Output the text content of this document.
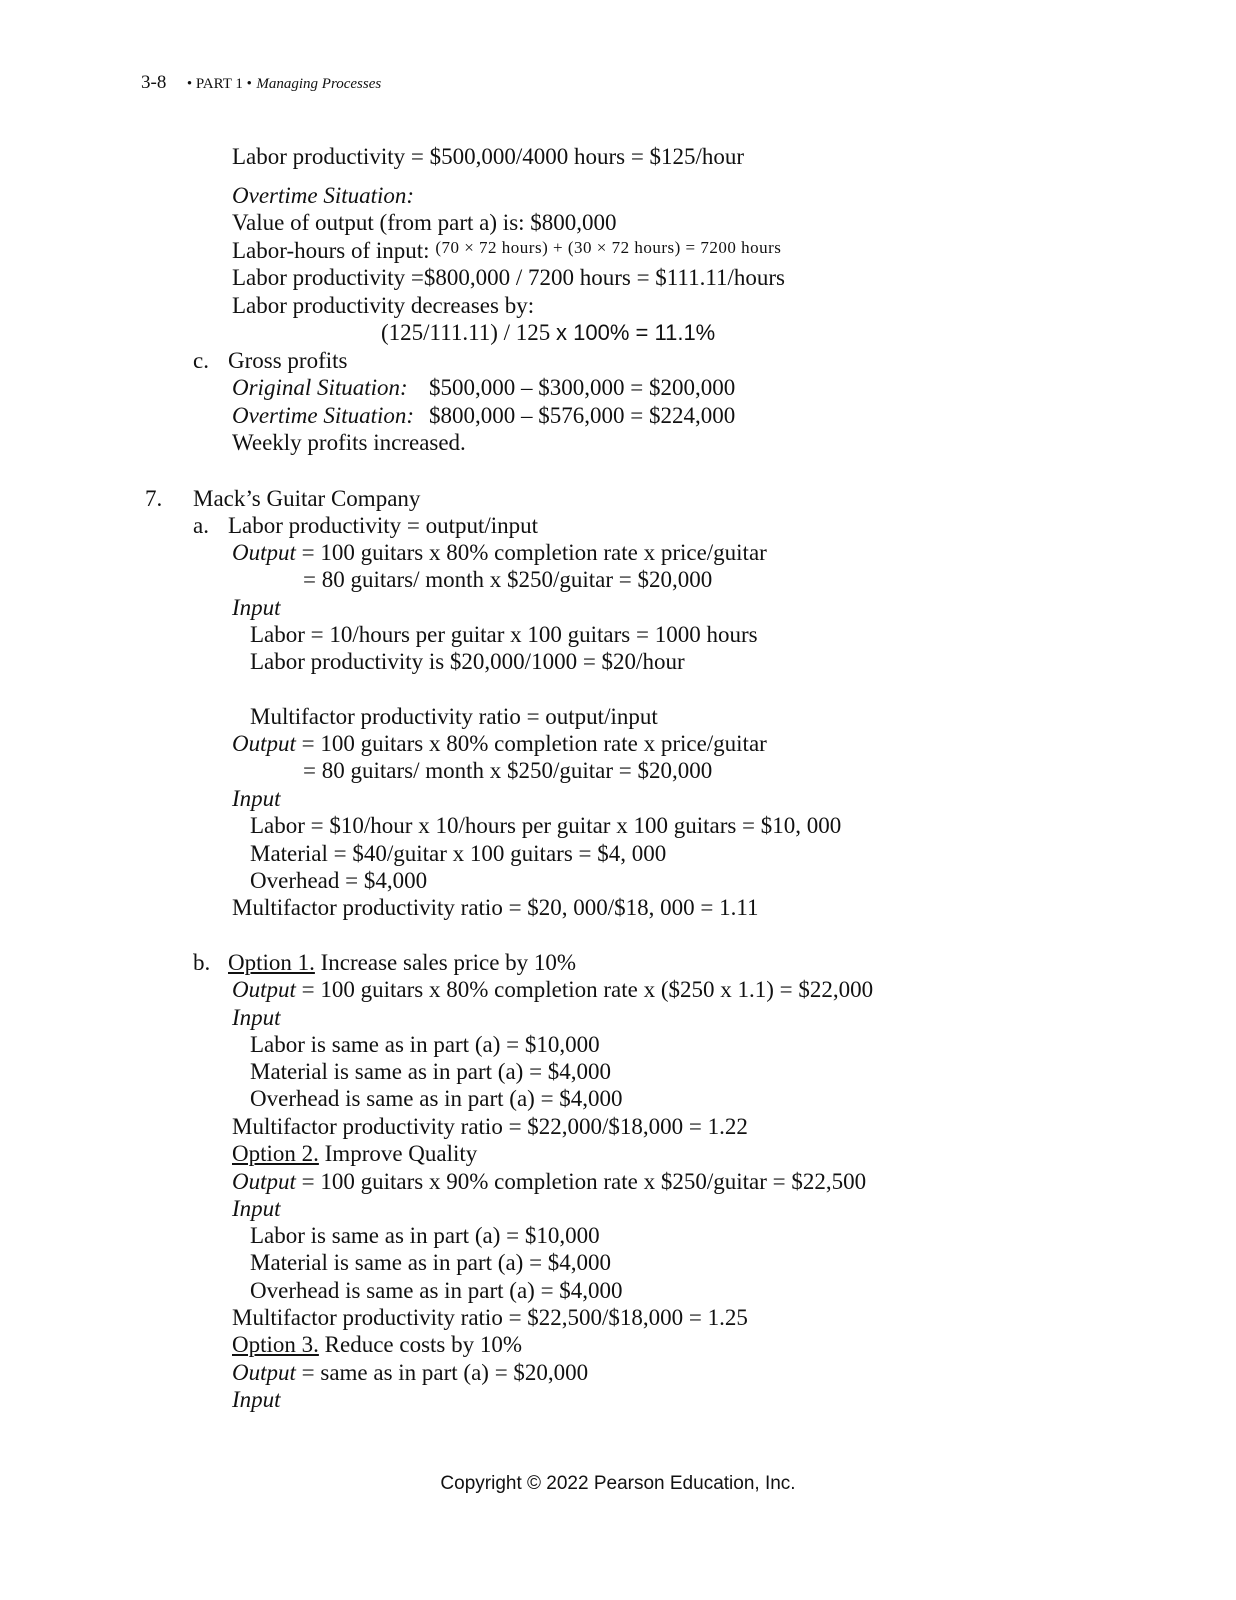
3-8 • PART 1 • Managing Processes
Labor productivity = $500,000/4000 hours = $125/hour
Overtime Situation:
Value of output (from part a) is: $800,000
Labor-hours of input: $^{(70 \times 72 hours) + (30 \times 72 hours) = 7200 hours}$
Labor productivity =$800,000 / 7200 hours = $111.11/hours
Labor productivity decreases by:
(125/111.11) / 125 x 100% = 11.1%
c. Gross profits
Original Situation: $500,000 – $300,000 = $200,000
Overtime Situation: $800,000 – $576,000 = $224,000
Weekly profits increased.
7. Mack’s Guitar Company
a. Labor productivity = output/input
Output = 100 guitars x 80% completion rate x price/guitar
= 80 guitars/ month x $250/guitar = $20,000
Input
Labor = 10/hours per guitar x 100 guitars = 1000 hours
Labor productivity is $20,000/1000 = $20/hour
Multifactor productivity ratio = output/input
Output = 100 guitars x 80% completion rate x price/guitar
= 80 guitars/ month x $250/guitar = $20,000
Input
Labor = $10/hour x 10/hours per guitar x 100 guitars = $10, 000
Material = $40/guitar x 100 guitars = $4, 000
Overhead = $4,000
Multifactor productivity ratio = $20, 000/$18, 000 = 1.11
b. Option 1. Increase sales price by 10%
Output = 100 guitars x 80% completion rate x ($250 x 1.1) = $22,000
Input
Labor is same as in part (a) = $10,000
Material is same as in part (a) = $4,000
Overhead is same as in part (a) = $4,000
Multifactor productivity ratio = $22,000/$18,000 = 1.22
Option 2. Improve Quality
Output = 100 guitars x 90% completion rate x $250/guitar = $22,500
Input
Labor is same as in part (a) = $10,000
Material is same as in part (a) = $4,000
Overhead is same as in part (a) = $4,000
Multifactor productivity ratio = $22,500/$18,000 = 1.25
Option 3. Reduce costs by 10%
Output = same as in part (a) = $20,000
Input
Copyright © 2022 Pearson Education, Inc.
